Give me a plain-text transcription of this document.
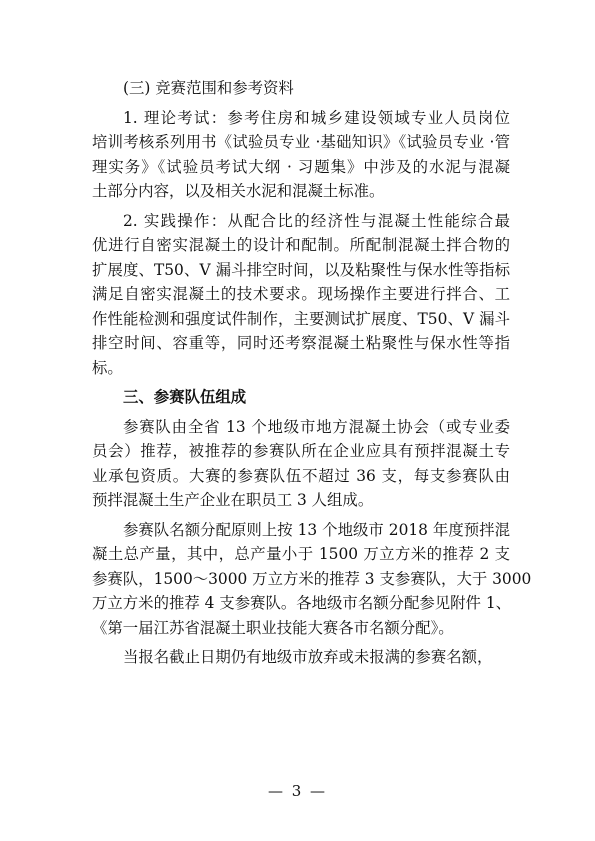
(三) 竞赛范围和参考资料
1. 理论考试：参考住房和城乡建设领域专业人员岗位
培训考核系列用书《试验员专业 ·基础知识》《试验员专业 ·管
理实务》《试验员考试大纲 · 习题集》中涉及的水泥与混凝
土部分内容，以及相关水泥和混凝土标准。
2. 实践操作：从配合比的经济性与混凝土性能综合最
优进行自密实混凝土的设计和配制。所配制混凝土拌合物的
扩展度、T50、V 漏斗排空时间，以及粘聚性与保水性等指标
满足自密实混凝土的技术要求。现场操作主要进行拌合、工
作性能检测和强度试件制作，主要测试扩展度、T50、V 漏斗
排空时间、容重等，同时还考察混凝土粘聚性与保水性等指
标。
三、参赛队伍组成
参赛队由全省 13 个地级市地方混凝土协会（或专业委
员会）推荐，被推荐的参赛队所在企业应具有预拌混凝土专
业承包资质。大赛的参赛队伍不超过 36 支，每支参赛队由
预拌混凝土生产企业在职员工 3 人组成。
参赛队名额分配原则上按 13 个地级市 2018 年度预拌混
凝土总产量，其中，总产量小于 1500 万立方米的推荐 2 支
参赛队，1500～3000 万立方米的推荐 3 支参赛队，大于 3000
万立方米的推荐 4 支参赛队。各地级市名额分配参见附件 1、
《第一届江苏省混凝土职业技能大赛各市名额分配》。
当报名截止日期仍有地级市放弃或未报满的参赛名额，
— 3 —
